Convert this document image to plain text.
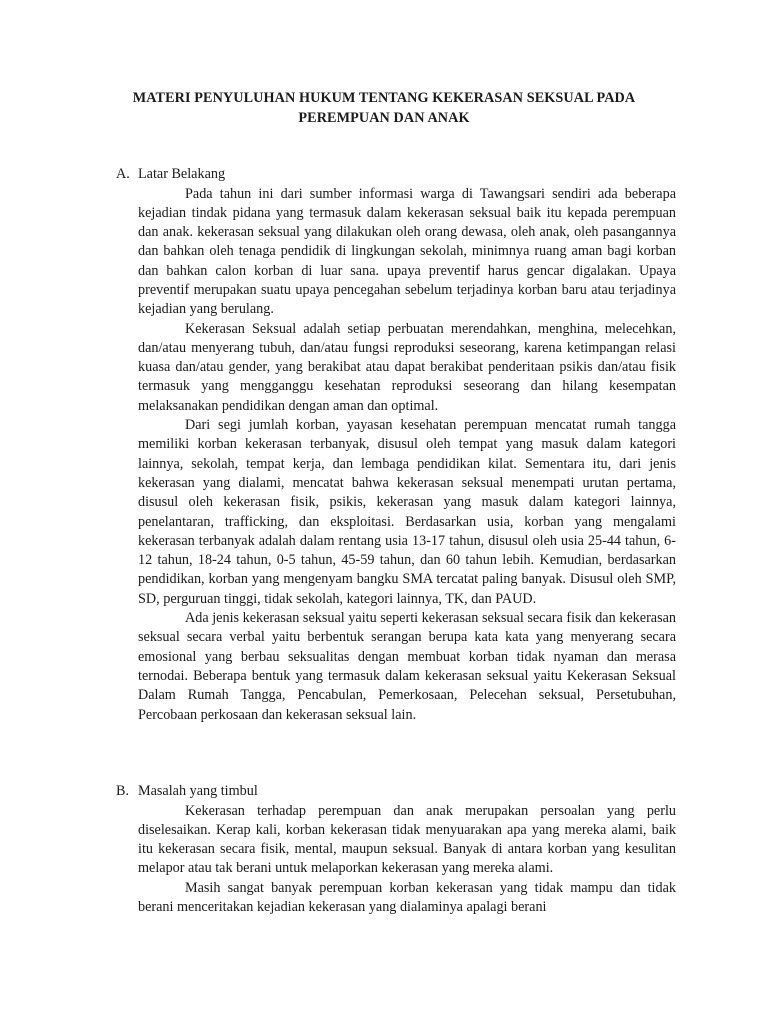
MATERI PENYULUHAN HUKUM TENTANG KEKERASAN SEKSUAL PADA
PEREMPUAN DAN ANAK
A. Latar Belakang

Pada tahun ini dari sumber informasi warga di Tawangsari sendiri ada beberapa kejadian tindak pidana yang termasuk dalam kekerasan seksual baik itu kepada perempuan dan anak. kekerasan seksual yang dilakukan oleh orang dewasa, oleh anak, oleh pasangannya dan bahkan oleh tenaga pendidik di lingkungan sekolah, minimnya ruang aman bagi korban dan bahkan calon korban di luar sana. upaya preventif harus gencar digalakan. Upaya preventif merupakan suatu upaya pencegahan sebelum terjadinya korban baru atau terjadinya kejadian yang berulang.

Kekerasan Seksual adalah setiap perbuatan merendahkan, menghina, melecehkan, dan/atau menyerang tubuh, dan/atau fungsi reproduksi seseorang, karena ketimpangan relasi kuasa dan/atau gender, yang berakibat atau dapat berakibat penderitaan psikis dan/atau fisik termasuk yang mengganggu kesehatan reproduksi seseorang dan hilang kesempatan melaksanakan pendidikan dengan aman dan optimal.

Dari segi jumlah korban, yayasan kesehatan perempuan mencatat rumah tangga memiliki korban kekerasan terbanyak, disusul oleh tempat yang masuk dalam kategori lainnya, sekolah, tempat kerja, dan lembaga pendidikan kilat. Sementara itu, dari jenis kekerasan yang dialami, mencatat bahwa kekerasan seksual menempati urutan pertama, disusul oleh kekerasan fisik, psikis, kekerasan yang masuk dalam kategori lainnya, penelantaran, trafficking, dan eksploitasi. Berdasarkan usia, korban yang mengalami kekerasan terbanyak adalah dalam rentang usia 13-17 tahun, disusul oleh usia 25-44 tahun, 6-12 tahun, 18-24 tahun, 0-5 tahun, 45-59 tahun, dan 60 tahun lebih. Kemudian, berdasarkan pendidikan, korban yang mengenyam bangku SMA tercatat paling banyak. Disusul oleh SMP, SD, perguruan tinggi, tidak sekolah, kategori lainnya, TK, dan PAUD.

Ada jenis kekerasan seksual yaitu seperti kekerasan seksual secara fisik dan kekerasan seksual secara verbal yaitu berbentuk serangan berupa kata kata yang menyerang secara emosional yang berbau seksualitas dengan membuat korban tidak nyaman dan merasa ternodai. Beberapa bentuk yang termasuk dalam kekerasan seksual yaitu Kekerasan Seksual Dalam Rumah Tangga, Pencabulan, Pemerkosaan, Pelecehan seksual, Persetubuhan, Percobaan perkosaan dan kekerasan seksual lain.

B. Masalah yang timbul

Kekerasan terhadap perempuan dan anak merupakan persoalan yang perlu diselesaikan. Kerap kali, korban kekerasan tidak menyuarakan apa yang mereka alami, baik itu kekerasan secara fisik, mental, maupun seksual. Banyak di antara korban yang kesulitan melapor atau tak berani untuk melaporkan kekerasan yang mereka alami.

Masih sangat banyak perempuan korban kekerasan yang tidak mampu dan tidak berani menceritakan kejadian kekerasan yang dialaminya apalagi berani
